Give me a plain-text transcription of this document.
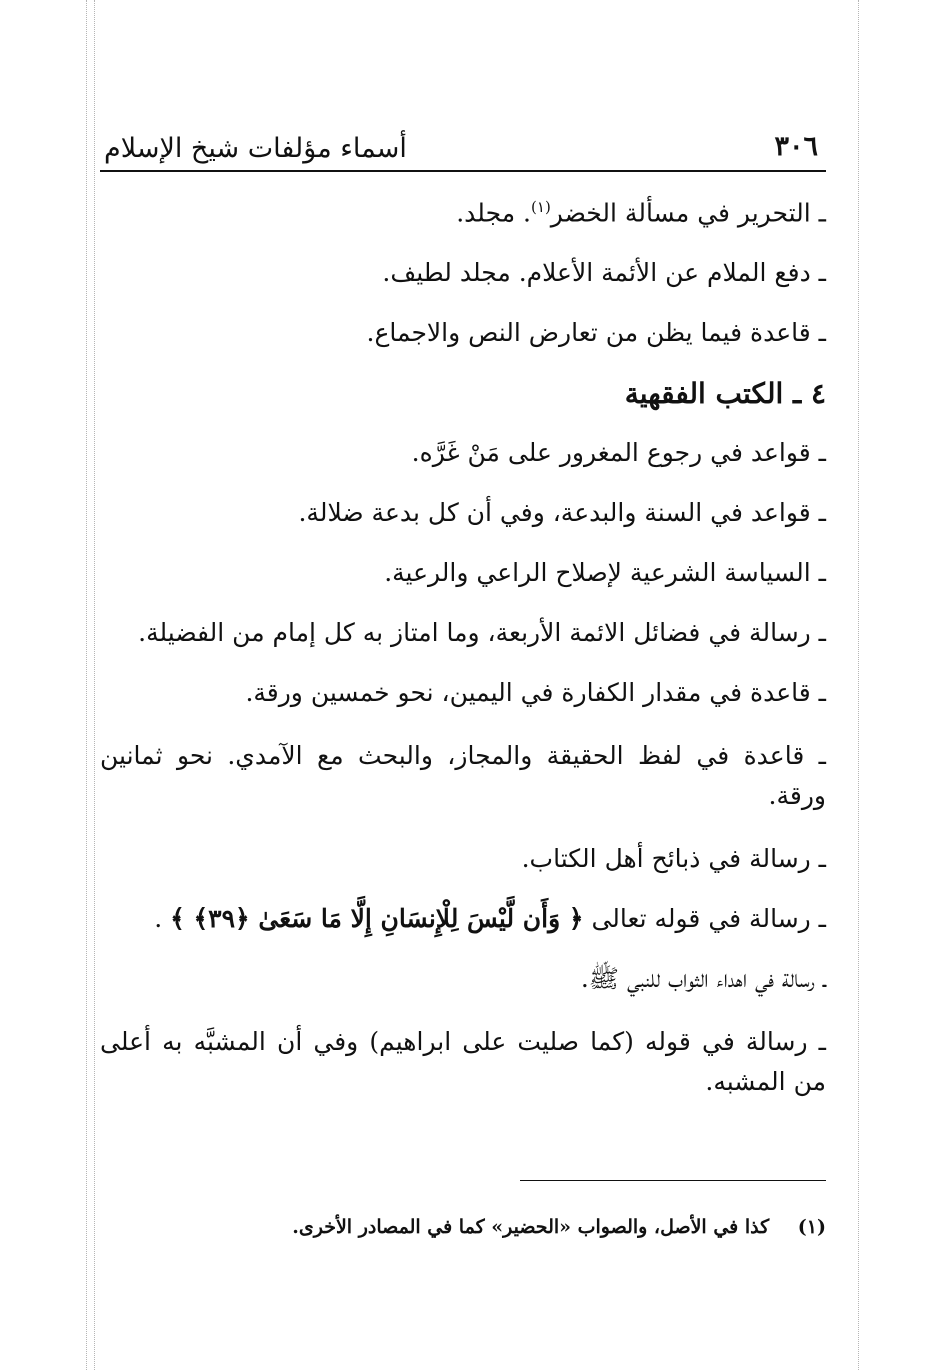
٣٠٦
أسماء مؤلفات شيخ الإسلام
ـ التحرير في مسألة الخضر$^{(١)}$. مجلد.
ـ دفع الملام عن الأئمة الأعلام. مجلد لطيف.
ـ قاعدة فيما يظن من تعارض النص والاجماع.
٤ ـ الكتب الفقهية
ـ قواعد في رجوع المغرور على مَنْ غَرَّه.
ـ قواعد في السنة والبدعة، وفي أن كل بدعة ضلالة.
ـ السياسة الشرعية لإصلاح الراعي والرعية.
ـ رسالة في فضائل الائمة الأربعة، وما امتاز به كل إمام من الفضيلة.
ـ قاعدة في مقدار الكفارة في اليمين، نحو خمسين ورقة.
ـ قاعدة في لفظ الحقيقة والمجاز، والبحث مع الآمدي. نحو ثمانين ورقة.
ـ رسالة في ذبائح أهل الكتاب.
ـ رسالة في قوله تعالى ﴿ وَأَن لَّيْسَ لِلْإِنسَانِ إِلَّا مَا سَعَىٰ ﴿٣٩﴾ ﴾ .
ـ رسالة في اهداء الثواب للنبي ﷺ.
ـ رسالة في قوله (كما صليت على ابراهيم) وفي أن المشبَّه به أعلى من المشبه.
(١) كذا في الأصل، والصواب «الحضير» كما في المصادر الأخرى.
